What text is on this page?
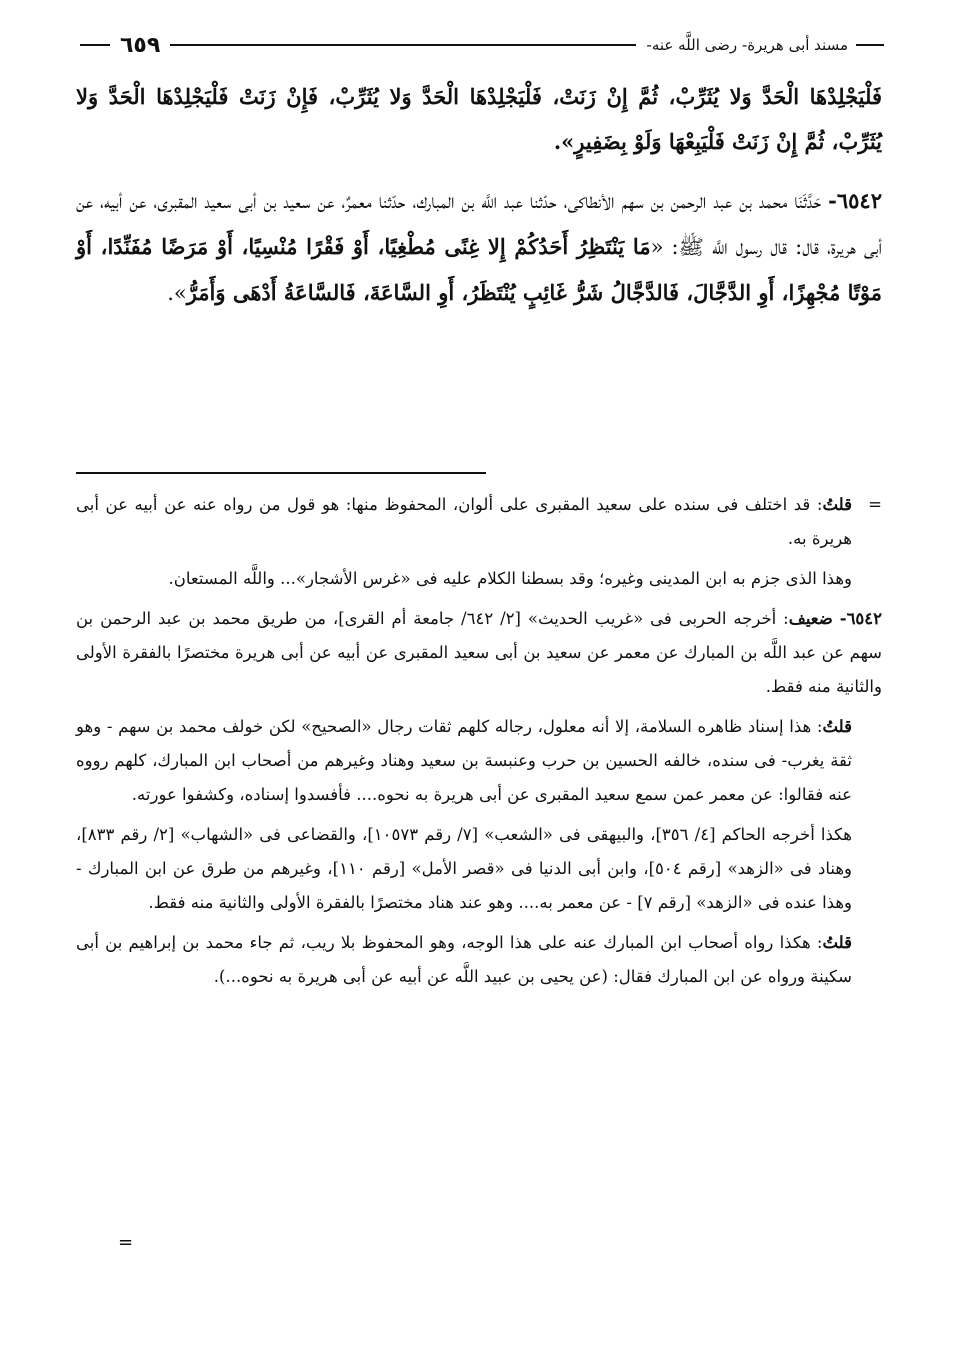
مسند أبى هريرة- رضى اللَّه عنه-
٦٥٩

فَلْيَجْلِدْهَا الْحَدَّ وَلا يُثَرِّبْ، ثُمَّ إِنْ زَنَتْ، فَلْيَجْلِدْهَا الْحَدَّ وَلا يُثَرِّبْ، فَإِنْ زَنَتْ فَلْيَجْلِدْهَا الْحَدَّ وَلا يُثَرِّبْ، ثُمَّ إِنْ زَنَتْ فَلْيَبِعْهَا وَلَوْ بِضَفِيرٍ».

٦٥٤٢- حَدَّثَنَا محمد بن عبد الرحمن بن سهم الأنطاكى، حدّثنا عبد اللَّه بن المبارك، حدّثنا معمرٌ، عن سعيد بن أبى سعيد المقبرى، عن أبيه، عن أبى هريرة، قال: قال رسول اللَّه ﷺ: «مَا يَنْتَظِرُ أَحَدُكُمْ إِلا غِنًى مُطْغِيًا، أَوْ فَقْرًا مُنْسِيًا، أَوْ مَرَضًا مُفَنِّدًا، أَوْ مَوْتًا مُجْهِزًا، أَوِ الدَّجَّالَ، فَالدَّجَّالُ شَرُّ غَائِبٍ يُنْتَظَرُ، أَوِ السَّاعَةَ، فَالسَّاعَةُ أَدْهَى وَأَمَرُّ».

=
قلتُ: قد اختلف فى سنده على سعيد المقبرى على ألوان، المحفوظ منها: هو قول من رواه عنه عن أبيه عن أبى هريرة به.

وهذا الذى جزم به ابن المدينى وغيره؛ وقد بسطنا الكلام عليه فى «غرس الأشجار»... واللَّه المستعان.

٦٥٤٢- ضعيف: أخرجه الحربى فى «غريب الحديث» [٢/ ٦٤٢/ جامعة أم القرى]، من طريق محمد بن عبد الرحمن بن سهم عن عبد اللَّه بن المبارك عن معمر عن سعيد بن أبى سعيد المقبرى عن أبيه عن أبى هريرة مختصرًا بالفقرة الأولى والثانية منه فقط.

قلتُ: هذا إسناد ظاهره السلامة، إلا أنه معلول، رجاله كلهم ثقات رجال «الصحيح» لكن خولف محمد بن سهم - وهو ثقة يغرب- فى سنده، خالفه الحسين بن حرب وعنبسة بن سعيد وهناد وغيرهم من أصحاب ابن المبارك، كلهم رووه عنه فقالوا: عن معمر عمن سمع سعيد المقبرى عن أبى هريرة به نحوه.... فأفسدوا إسناده، وكشفوا عورته.

هكذا أخرجه الحاكم [٤/ ٣٥٦]، والبيهقى فى «الشعب» [٧/ رقم ١٠٥٧٣]، والقضاعى فى «الشهاب» [٢/ رقم ٨٣٣]، وهناد فى «الزهد» [رقم ٥٠٤]، وابن أبى الدنيا فى «قصر الأمل» [رقم ١١٠]، وغيرهم من طرق عن ابن المبارك - وهذا عنده فى «الزهد» [رقم ٧] - عن معمر به.... وهو عند هناد مختصرًا بالفقرة الأولى والثانية منه فقط.

قلتُ: هكذا رواه أصحاب ابن المبارك عنه على هذا الوجه، وهو المحفوظ بلا ريب، ثم جاء محمد بن إبراهيم بن أبى سكينة ورواه عن ابن المبارك فقال: (عن يحيى بن عبيد اللَّه عن أبيه عن أبى هريرة به نحوه...).

=
